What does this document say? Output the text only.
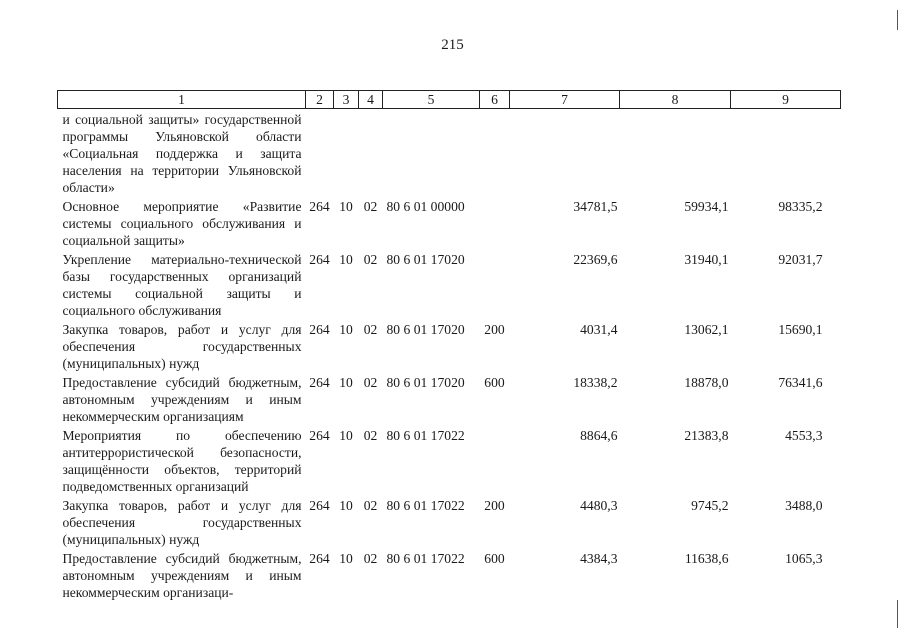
215
1	2	3	4	5	6	7	8	9
и социальной защиты» государственной программы Ульяновской области «Социальная поддержка и защита населения на территории Ульяновской области»								
Основное мероприятие «Развитие системы социального обслуживания и социальной защиты»	264	10	02	80 6 01 00000		34781,5	59934,1	98335,2
Укрепление материально-технической базы государственных организаций системы социальной защиты и социального обслуживания	264	10	02	80 6 01 17020		22369,6	31940,1	92031,7
Закупка товаров, работ и услуг для обеспечения государственных (муниципальных) нужд	264	10	02	80 6 01 17020	200	4031,4	13062,1	15690,1
Предоставление субсидий бюджетным, автономным учреждениям и иным некоммерческим организациям	264	10	02	80 6 01 17020	600	18338,2	18878,0	76341,6
Мероприятия по обеспечению антитеррористической безопасности, защищённости объектов, территорий подведомственных организаций	264	10	02	80 6 01 17022		8864,6	21383,8	4553,3
Закупка товаров, работ и услуг для обеспечения государственных (муниципальных) нужд	264	10	02	80 6 01 17022	200	4480,3	9745,2	3488,0
Предоставление субсидий бюджетным, автономным учреждениям и иным некоммерческим организаци-	264	10	02	80 6 01 17022	600	4384,3	11638,6	1065,3
